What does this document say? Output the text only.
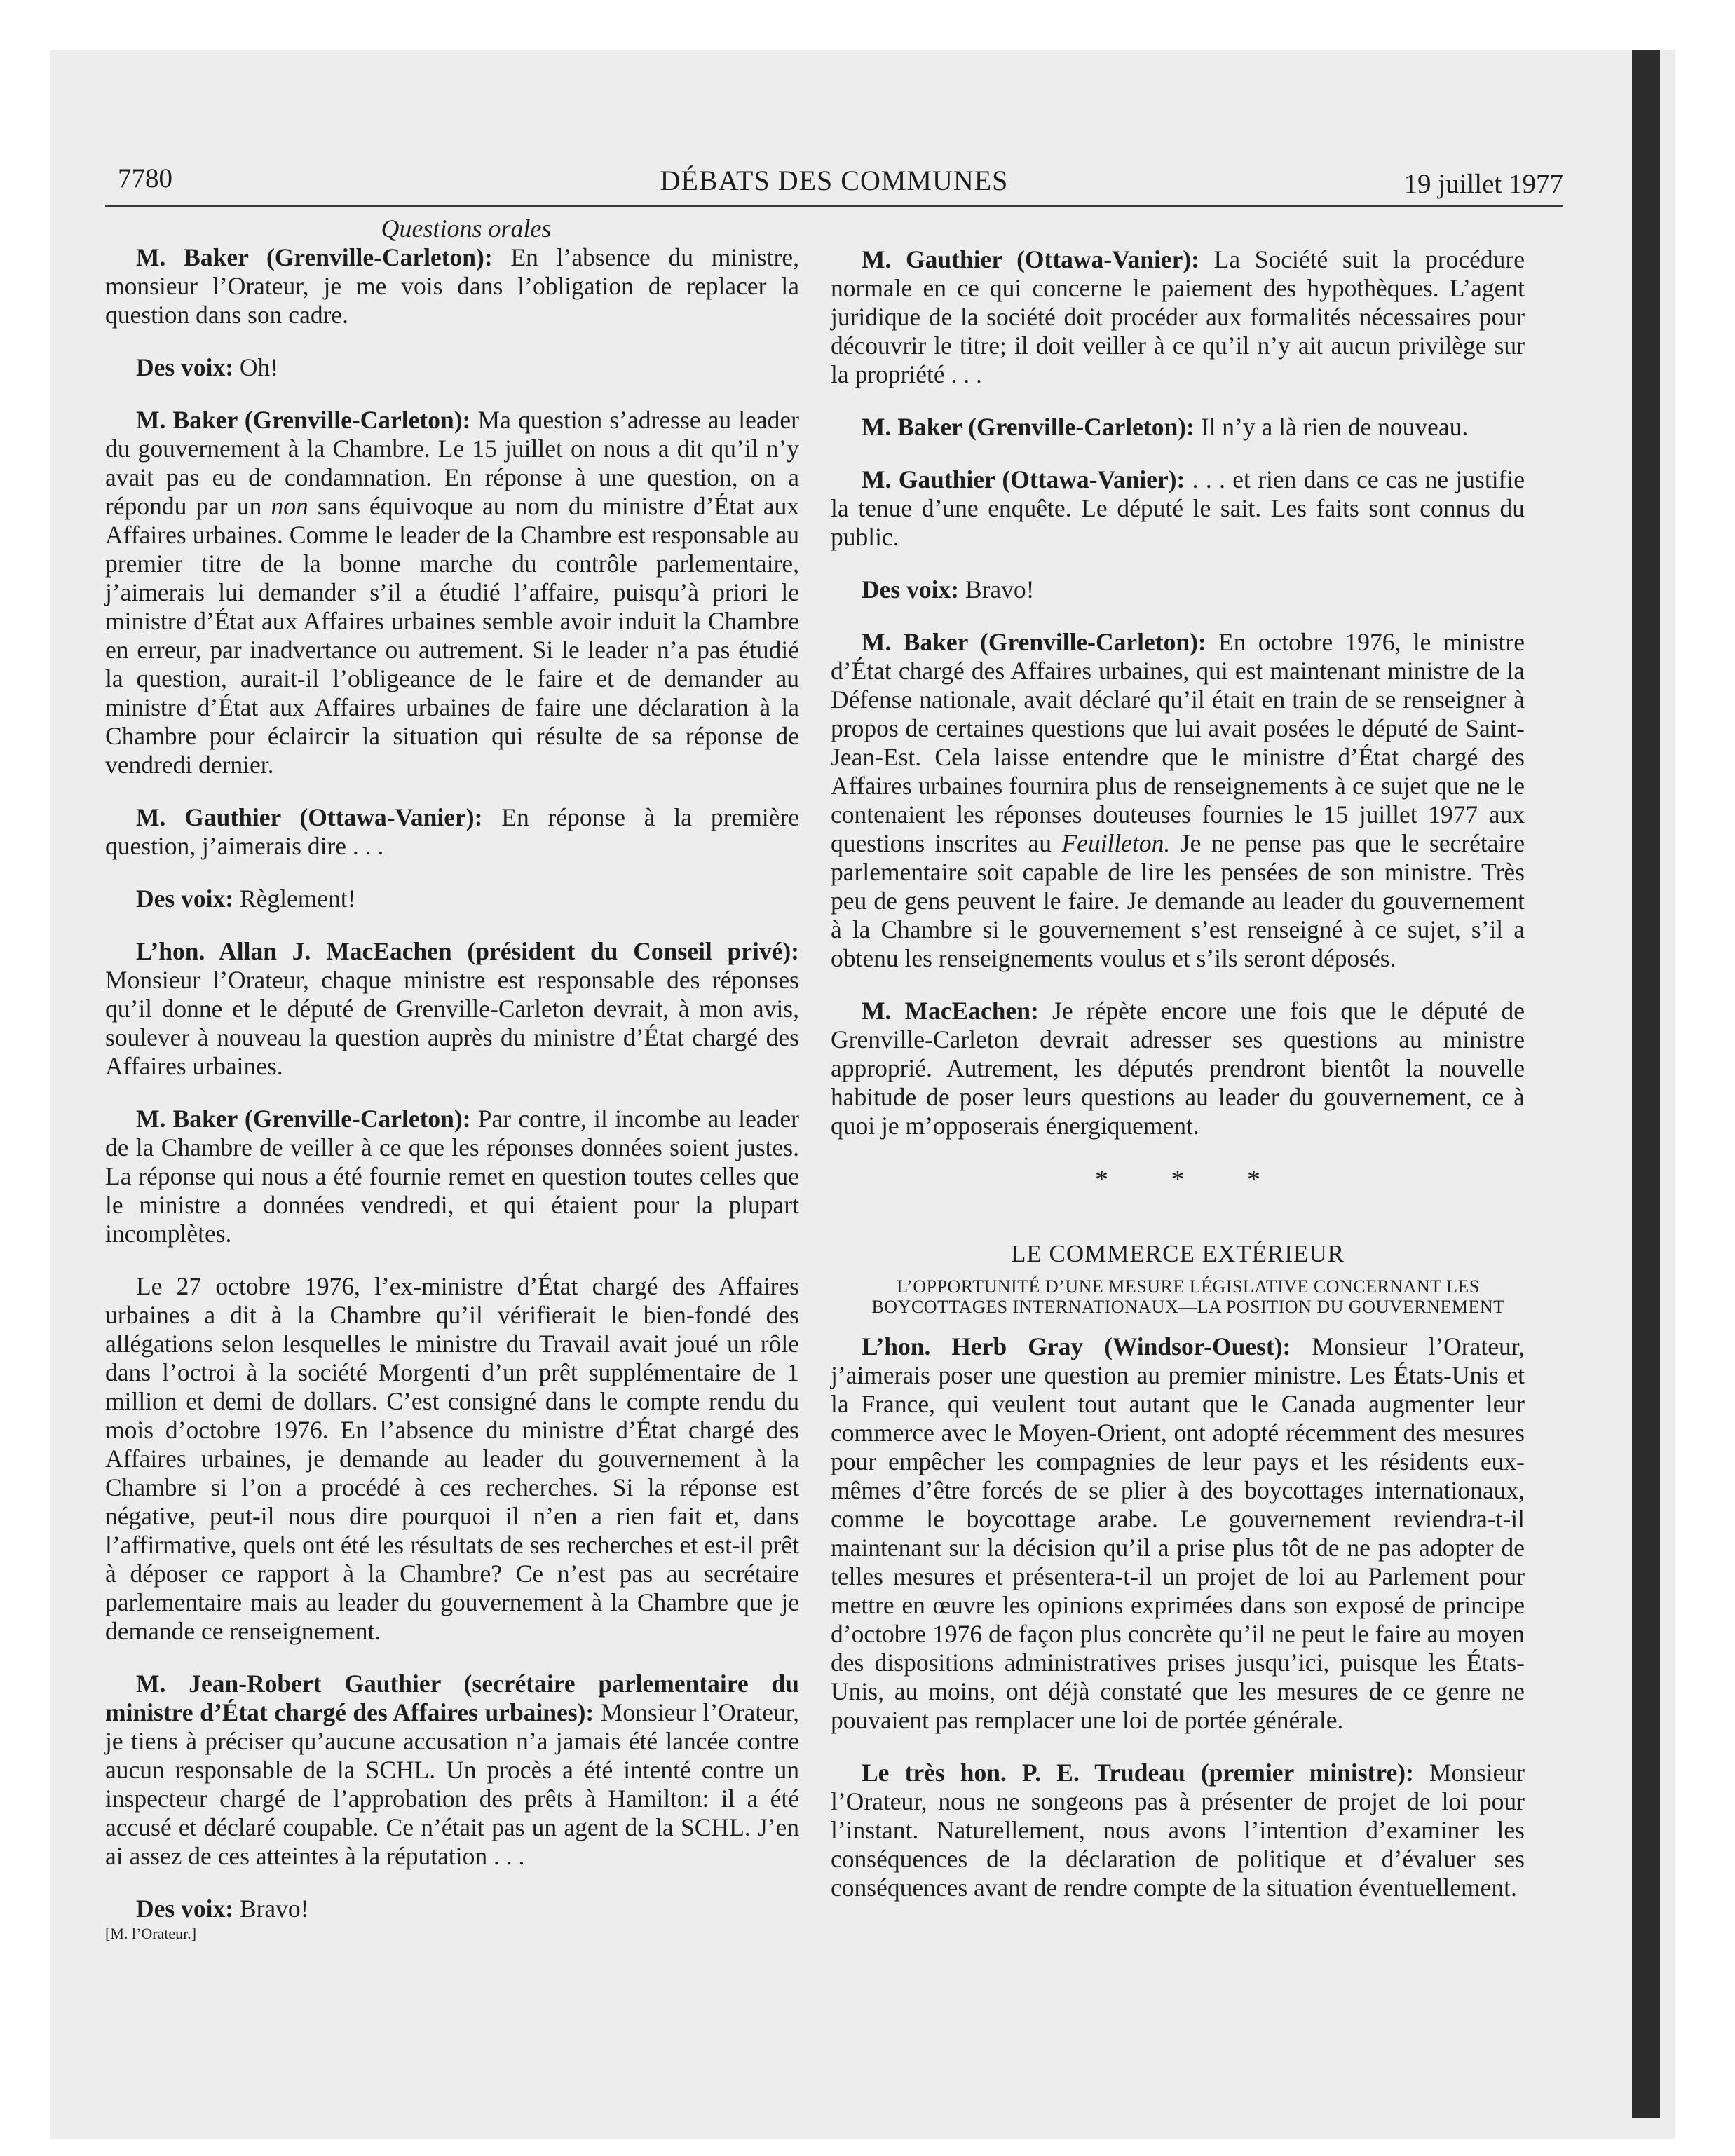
7780	DÉBATS DES COMMUNES	19 juillet 1977
Questions orales

M. Baker (Grenville-Carleton): En l’absence du ministre, monsieur l’Orateur, je me vois dans l’obligation de replacer la question dans son cadre.

Des voix: Oh!

M. Baker (Grenville-Carleton): Ma question s’adresse au leader du gouvernement à la Chambre. Le 15 juillet on nous a dit qu’il n’y avait pas eu de condamnation. En réponse à une question, on a répondu par un non sans équivoque au nom du ministre d’État aux Affaires urbaines. Comme le leader de la Chambre est responsable au premier titre de la bonne marche du contrôle parlementaire, j’aimerais lui demander s’il a étudié l’affaire, puisqu’à priori le ministre d’État aux Affaires urbaines semble avoir induit la Chambre en erreur, par inadvertance ou autrement. Si le leader n’a pas étudié la question, aurait-il l’obligeance de le faire et de demander au ministre d’État aux Affaires urbaines de faire une déclaration à la Chambre pour éclaircir la situation qui résulte de sa réponse de vendredi dernier.

M. Gauthier (Ottawa-Vanier): En réponse à la première question, j’aimerais dire . . .

Des voix: Règlement!

L’hon. Allan J. MacEachen (président du Conseil privé): Monsieur l’Orateur, chaque ministre est responsable des réponses qu’il donne et le député de Grenville-Carleton devrait, à mon avis, soulever à nouveau la question auprès du ministre d’État chargé des Affaires urbaines.

M. Baker (Grenville-Carleton): Par contre, il incombe au leader de la Chambre de veiller à ce que les réponses données soient justes. La réponse qui nous a été fournie remet en question toutes celles que le ministre a données vendredi, et qui étaient pour la plupart incomplètes.

Le 27 octobre 1976, l’ex-ministre d’État chargé des Affaires urbaines a dit à la Chambre qu’il vérifierait le bien-fondé des allégations selon lesquelles le ministre du Travail avait joué un rôle dans l’octroi à la société Morgenti d’un prêt supplémentaire de 1 million et demi de dollars. C’est consigné dans le compte rendu du mois d’octobre 1976. En l’absence du ministre d’État chargé des Affaires urbaines, je demande au leader du gouvernement à la Chambre si l’on a procédé à ces recherches. Si la réponse est négative, peut-il nous dire pourquoi il n’en a rien fait et, dans l’affirmative, quels ont été les résultats de ses recherches et est-il prêt à déposer ce rapport à la Chambre? Ce n’est pas au secrétaire parlementaire mais au leader du gouvernement à la Chambre que je demande ce renseignement.

M. Jean-Robert Gauthier (secrétaire parlementaire du ministre d’État chargé des Affaires urbaines): Monsieur l’Orateur, je tiens à préciser qu’aucune accusation n’a jamais été lancée contre aucun responsable de la SCHL. Un procès a été intenté contre un inspecteur chargé de l’approbation des prêts à Hamilton: il a été accusé et déclaré coupable. Ce n’était pas un agent de la SCHL. J’en ai assez de ces atteintes à la réputation . . .

Des voix: Bravo!

[M. l’Orateur.]

M. Gauthier (Ottawa-Vanier): La Société suit la procédure normale en ce qui concerne le paiement des hypothèques. L’agent juridique de la société doit procéder aux formalités nécessaires pour découvrir le titre; il doit veiller à ce qu’il n’y ait aucun privilège sur la propriété . . .

M. Baker (Grenville-Carleton): Il n’y a là rien de nouveau.

M. Gauthier (Ottawa-Vanier): . . . et rien dans ce cas ne justifie la tenue d’une enquête. Le député le sait. Les faits sont connus du public.

Des voix: Bravo!

M. Baker (Grenville-Carleton): En octobre 1976, le ministre d’État chargé des Affaires urbaines, qui est maintenant ministre de la Défense nationale, avait déclaré qu’il était en train de se renseigner à propos de certaines questions que lui avait posées le député de Saint-Jean-Est. Cela laisse entendre que le ministre d’État chargé des Affaires urbaines fournira plus de renseignements à ce sujet que ne le contenaient les réponses douteuses fournies le 15 juillet 1977 aux questions inscrites au Feuilleton. Je ne pense pas que le secrétaire parlementaire soit capable de lire les pensées de son ministre. Très peu de gens peuvent le faire. Je demande au leader du gouvernement à la Chambre si le gouvernement s’est renseigné à ce sujet, s’il a obtenu les renseignements voulus et s’ils seront déposés.

M. MacEachen: Je répète encore une fois que le député de Grenville-Carleton devrait adresser ses questions au ministre approprié. Autrement, les députés prendront bientôt la nouvelle habitude de poser leurs questions au leader du gouvernement, ce à quoi je m’opposerais énergiquement.

* * *
LE COMMERCE EXTÉRIEUR
L’OPPORTUNITÉ D’UNE MESURE LÉGISLATIVE CONCERNANT LES BOYCOTTAGES INTERNATIONAUX—LA POSITION DU GOUVERNEMENT

L’hon. Herb Gray (Windsor-Ouest): Monsieur l’Orateur, j’aimerais poser une question au premier ministre. Les États-Unis et la France, qui veulent tout autant que le Canada augmenter leur commerce avec le Moyen-Orient, ont adopté récemment des mesures pour empêcher les compagnies de leur pays et les résidents eux-mêmes d’être forcés de se plier à des boycottages internationaux, comme le boycottage arabe. Le gouvernement reviendra-t-il maintenant sur la décision qu’il a prise plus tôt de ne pas adopter de telles mesures et présentera-t-il un projet de loi au Parlement pour mettre en œuvre les opinions exprimées dans son exposé de principe d’octobre 1976 de façon plus concrète qu’il ne peut le faire au moyen des dispositions administratives prises jusqu’ici, puisque les États-Unis, au moins, ont déjà constaté que les mesures de ce genre ne pouvaient pas remplacer une loi de portée générale.

Le très hon. P. E. Trudeau (premier ministre): Monsieur l’Orateur, nous ne songeons pas à présenter de projet de loi pour l’instant. Naturellement, nous avons l’intention d’examiner les conséquences de la déclaration de politique et d’évaluer ses conséquences avant de rendre compte de la situation éventuellement.
